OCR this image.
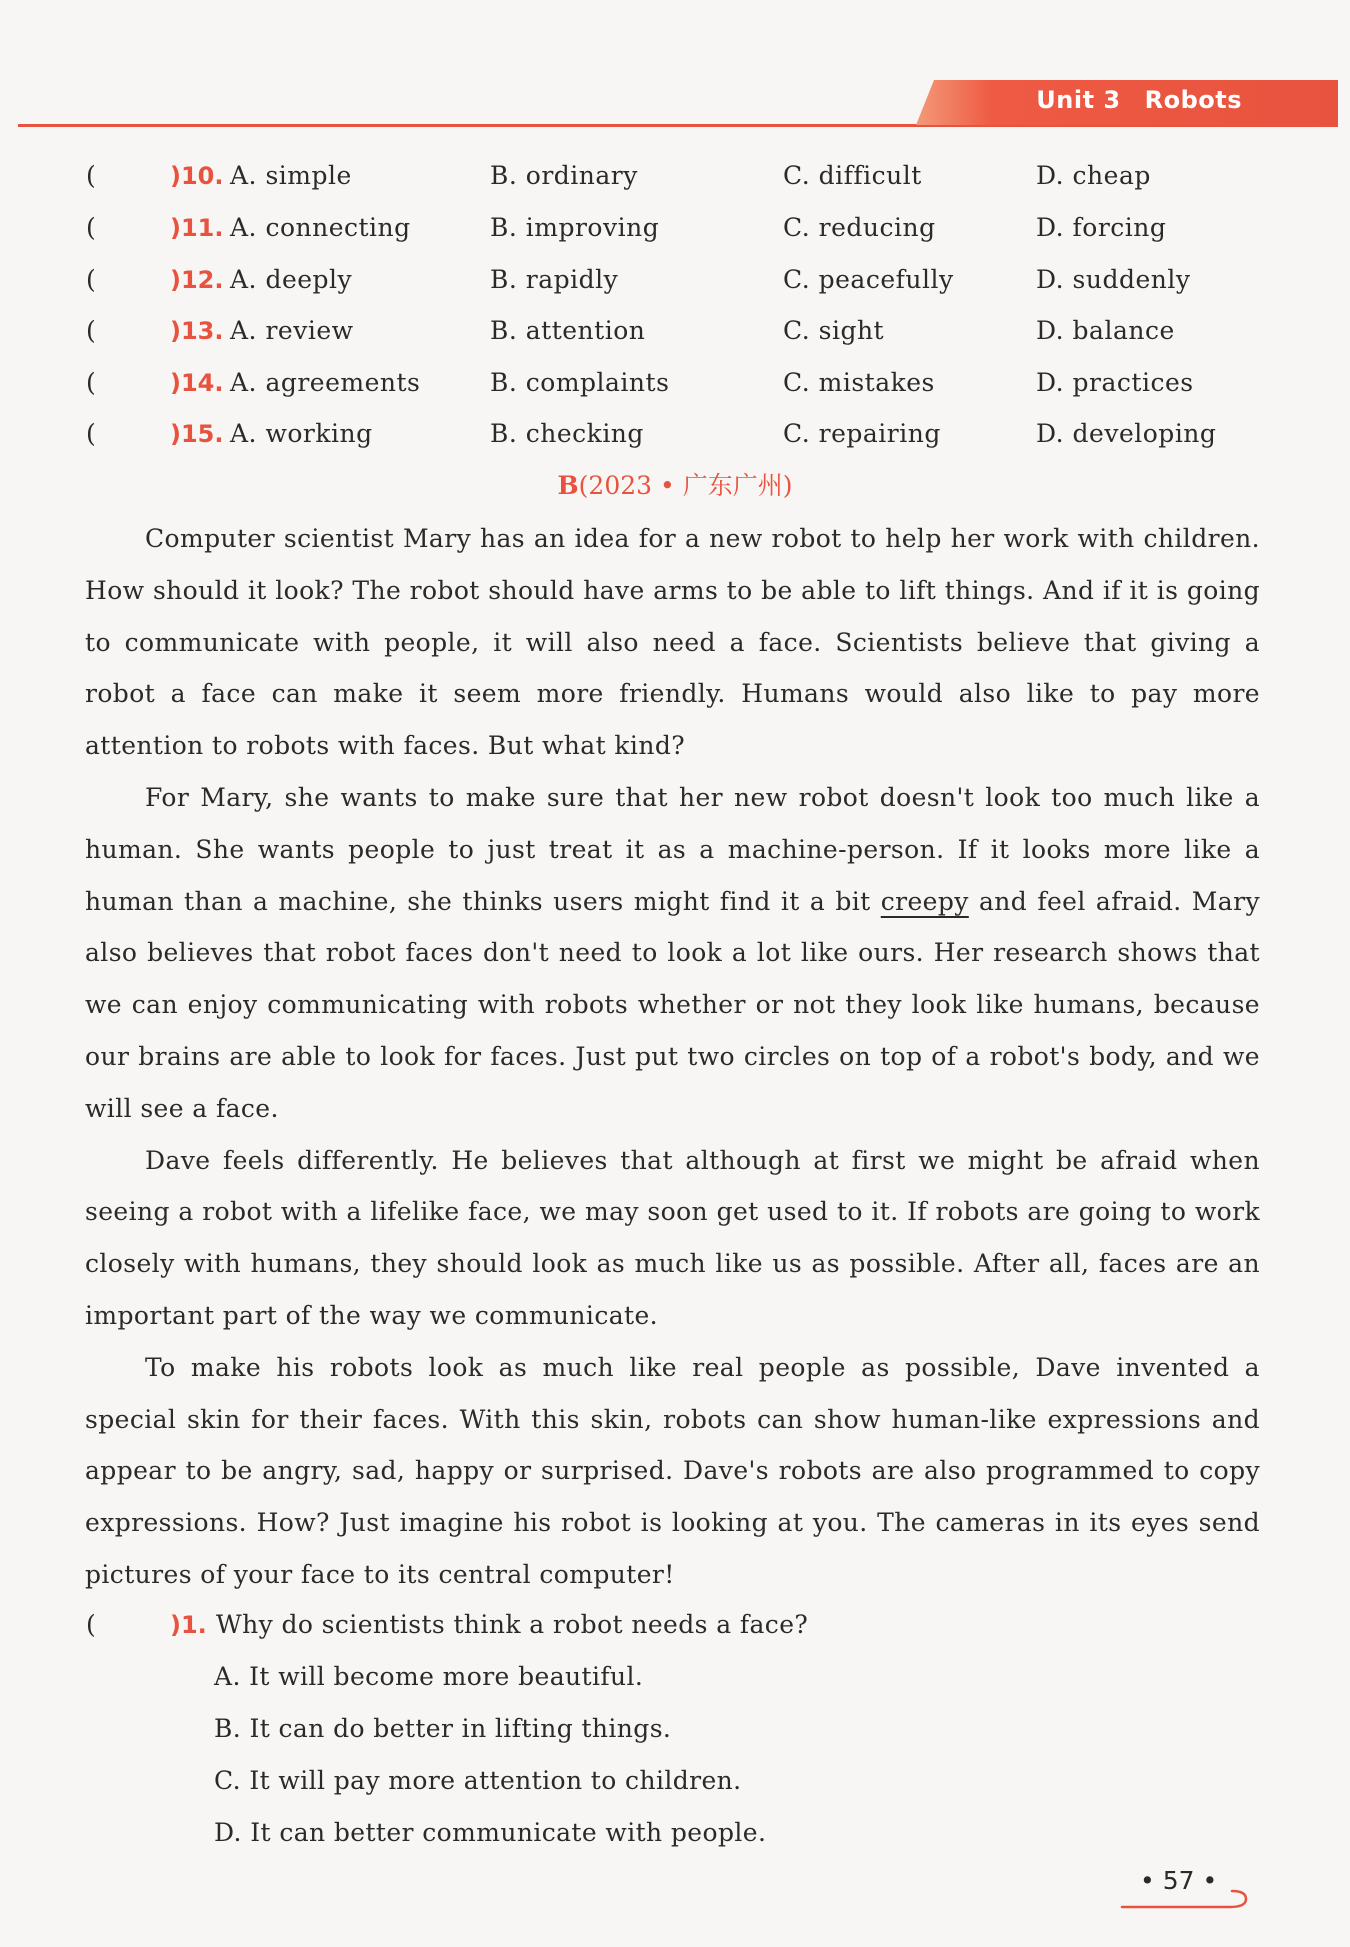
Unit 3 Robots
(	)10. A. simple	B. ordinary	C. difficult	D. cheap
(	)11. A. connecting	B. improving	C. reducing	D. forcing
(	)12. A. deeply	B. rapidly	C. peacefully	D. suddenly
(	)13. A. review	B. attention	C. sight	D. balance
(	)14. A. agreements	B. complaints	C. mistakes	D. practices
(	)15. A. working	B. checking	C. repairing	D. developing
B(2023 • 广东广州)

Computer scientist Mary has an idea for a new robot to help her work with children. How should it look? The robot should have arms to be able to lift things. And if it is going to communicate with people, it will also need a face. Scientists believe that giving a robot a face can make it seem more friendly. Humans would also like to pay more attention to robots with faces. But what kind?

For Mary, she wants to make sure that her new robot doesn't look too much like a human. She wants people to just treat it as a machine-person. If it looks more like a human than a machine, she thinks users might find it a bit creepy and feel afraid. Mary also believes that robot faces don't need to look a lot like ours. Her research shows that we can enjoy communicating with robots whether or not they look like humans, because our brains are able to look for faces. Just put two circles on top of a robot's body, and we will see a face.

Dave feels differently. He believes that although at first we might be afraid when seeing a robot with a lifelike face, we may soon get used to it. If robots are going to work closely with humans, they should look as much like us as possible. After all, faces are an important part of the way we communicate.

To make his robots look as much like real people as possible, Dave invented a special skin for their faces. With this skin, robots can show human-like expressions and appear to be angry, sad, happy or surprised. Dave's robots are also programmed to copy expressions. How? Just imagine his robot is looking at you. The cameras in its eyes send pictures of your face to its central computer!

(	)1. Why do scientists think a robot needs a face?
A. It will become more beautiful.
B. It can do better in lifting things.
C. It will pay more attention to children.
D. It can better communicate with people.
• 57 •
